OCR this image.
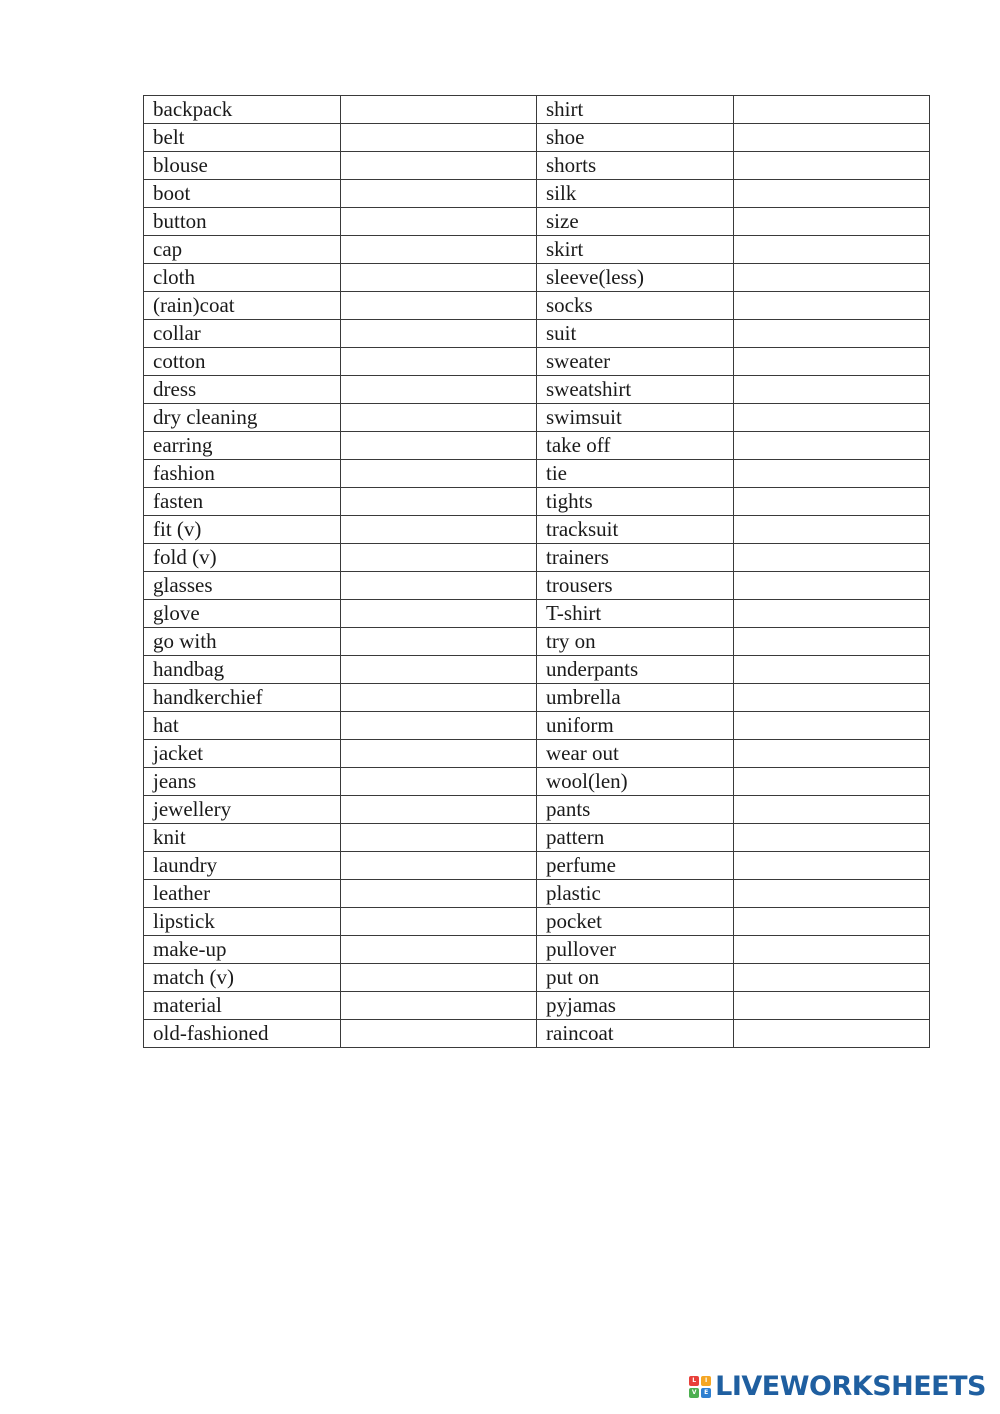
backpack		shirt	
belt		shoe	
blouse		shorts	
boot		silk	
button		size	
cap		skirt	
cloth		sleeve(less)	
(rain)coat		socks	
collar		suit	
cotton		sweater	
dress		sweatshirt	
dry cleaning		swimsuit	
earring		take off	
fashion		tie	
fasten		tights	
fit (v)		tracksuit	
fold (v)		trainers	
glasses		trousers	
glove		T-shirt	
go with		try on	
handbag		underpants	
handkerchief		umbrella	
hat		uniform	
jacket		wear out	
jeans		wool(len)	
jewellery		pants	
knit		pattern	
laundry		perfume	
leather		plastic	
lipstick		pocket	
make-up		pullover	
match (v)		put on	
material		pyjamas	
old-fashioned		raincoat	
L	I
V	E LIVEWORKSHEETS
